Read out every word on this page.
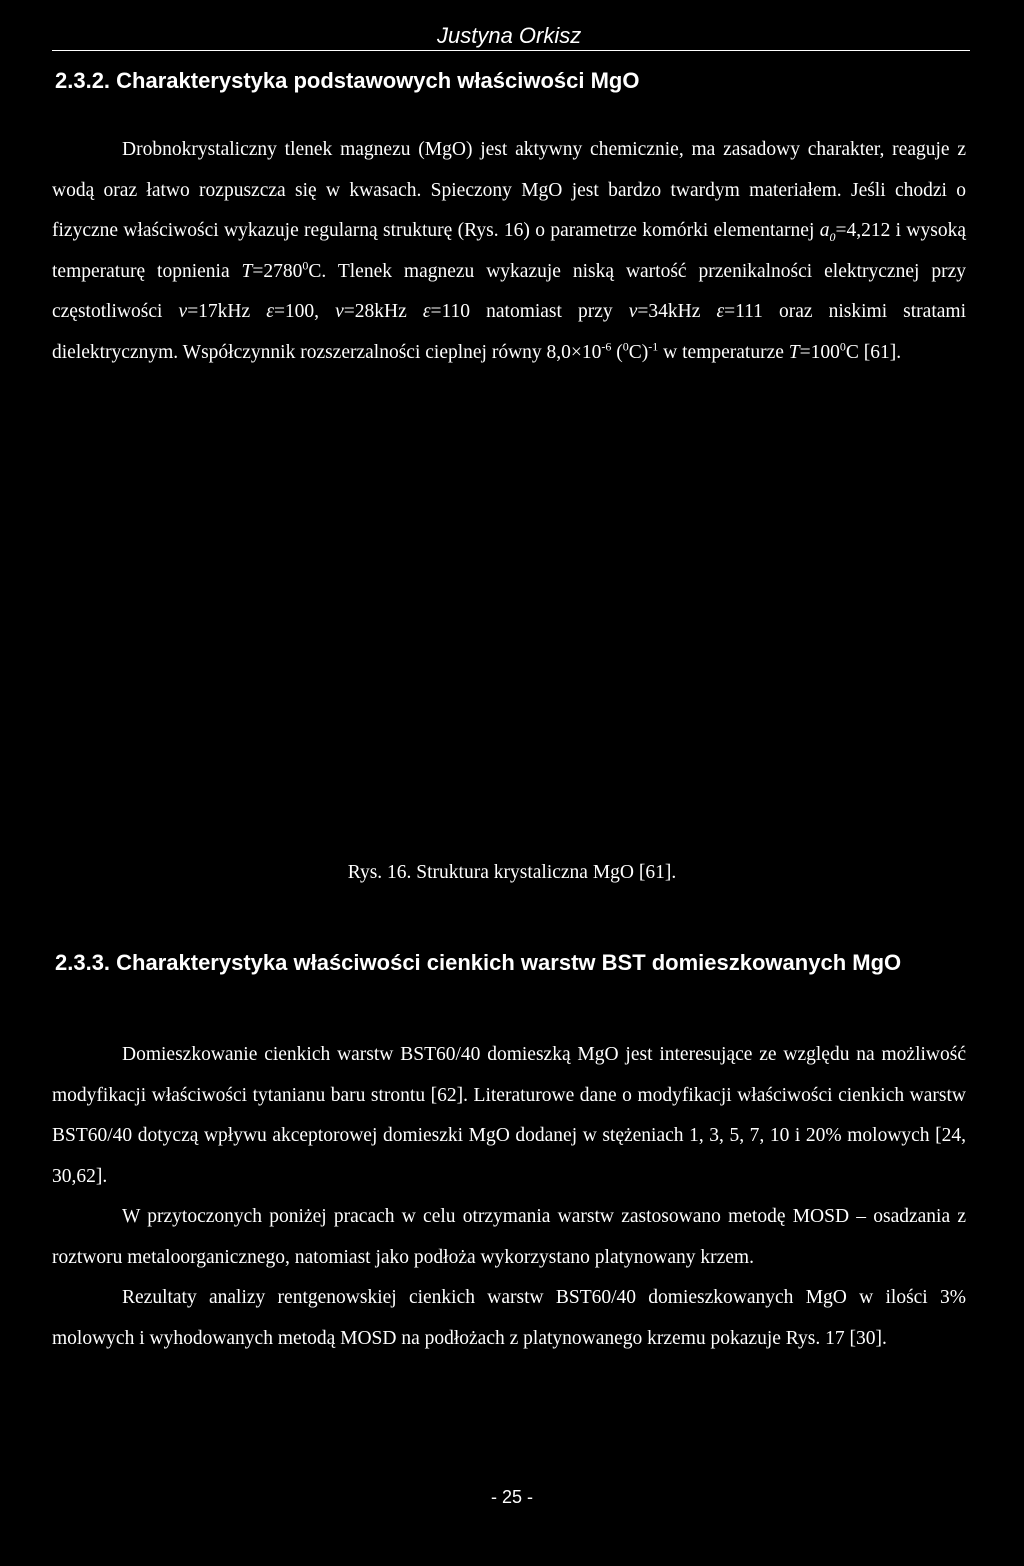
Justyna Orkisz
2.3.2. Charakterystyka podstawowych właściwości MgO

Drobnokrystaliczny tlenek magnezu (MgO) jest aktywny chemicznie, ma zasadowy charakter, reaguje z wodą oraz łatwo rozpuszcza się w kwasach. Spieczony MgO jest bardzo twardym materiałem. Jeśli chodzi o fizyczne właściwości wykazuje regularną strukturę (Rys. 16) o parametrze komórki elementarnej $a_0=4,212$ i wysoką temperaturę topnienia $T=2780^0C$. Tlenek magnezu wykazuje niską wartość przenikalności elektrycznej przy częstotliwości ν=17kHz ε=100, ν=28kHz ε=110 natomiast przy ν=34kHz ε=111 oraz niskimi stratami dielektrycznym. Współczynnik rozszerzalności cieplnej równy $8,0\times 10^{-6}$ $(^0C)^{-1}$ w temperaturze $T=100^0C$ [61].

Rys. 16. Struktura krystaliczna MgO [61].
2.3.3. Charakterystyka właściwości cienkich warstw BST domieszkowanych MgO

Domieszkowanie cienkich warstw BST60/40 domieszką MgO jest interesujące ze względu na możliwość modyfikacji właściwości tytanianu baru strontu [62]. Literaturowe dane o modyfikacji właściwości cienkich warstw BST60/40 dotyczą wpływu akceptorowej domieszki MgO dodanej w stężeniach 1, 3, 5, 7, 10 i 20% molowych [24, 30,62].

W przytoczonych poniżej pracach w celu otrzymania warstw zastosowano metodę MOSD – osadzania z roztworu metaloorganicznego, natomiast jako podłoża wykorzystano platynowany krzem.

Rezultaty analizy rentgenowskiej cienkich warstw BST60/40 domieszkowanych MgO w ilości 3% molowych i wyhodowanych metodą MOSD na podłożach z platynowanego krzemu pokazuje Rys. 17 [30].

- 25 -
